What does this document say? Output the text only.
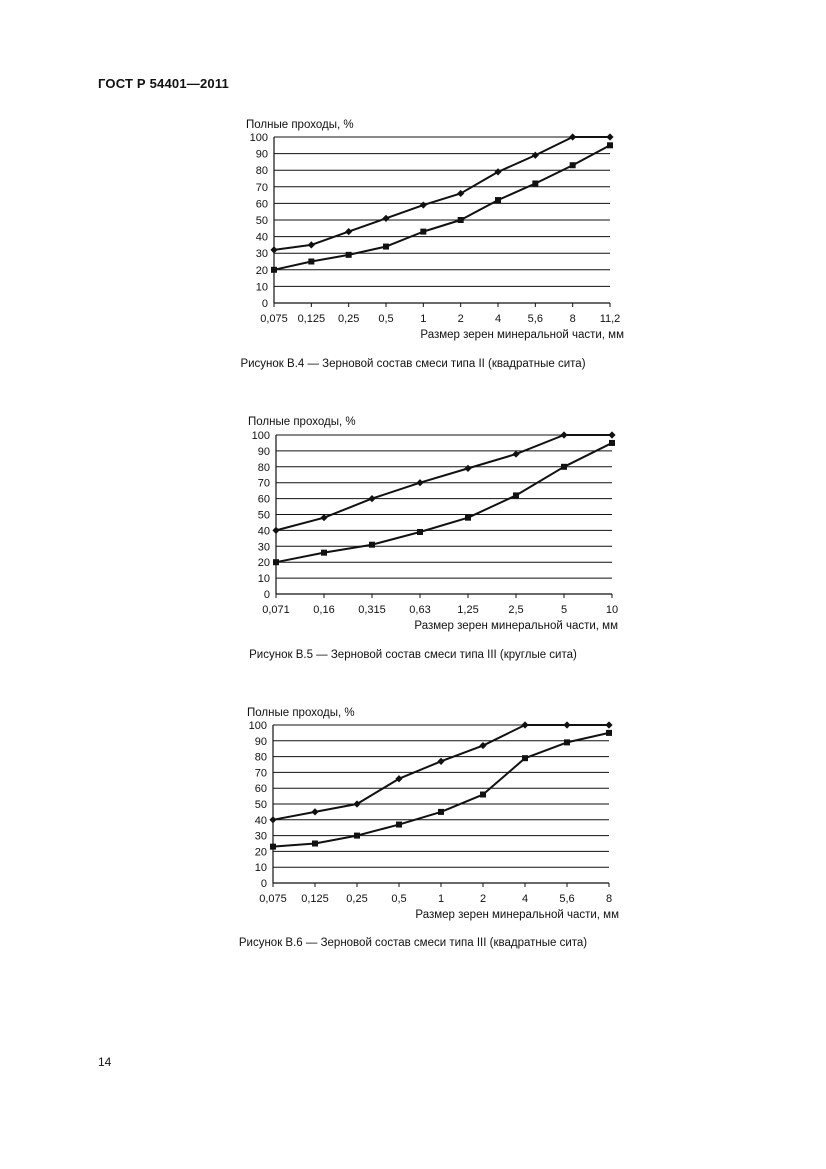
ГОСТ Р 54401—2011
Полные проходы, %
0
10
20
30
40
50
60
70
80
90
100
0,075 0,125 0,25 0,5 1	2	4 5,6 8 11,2
Размер зерен минеральной части, мм
Рисунок В.4 — Зерновой состав смеси типа II (квадратные сита)
Полные проходы, %
0
10
20
30
40
50
60
70
80
90
100
0,071 0,16 0,315 0,63 1,25	2,5	5	10
Размер зерен минеральной части, мм
Рисунок В.5 — Зерновой состав смеси типа III (круглые сита)
Полные проходы, %
0
10
20
30
40
50
60
70
80
90
100
0,075 0,125 0,25 0,5	1	2	4	5,6	8
Размер зерен минеральной части, мм
Рисунок В.6 — Зерновой состав смеси типа III (квадратные сита)
14
